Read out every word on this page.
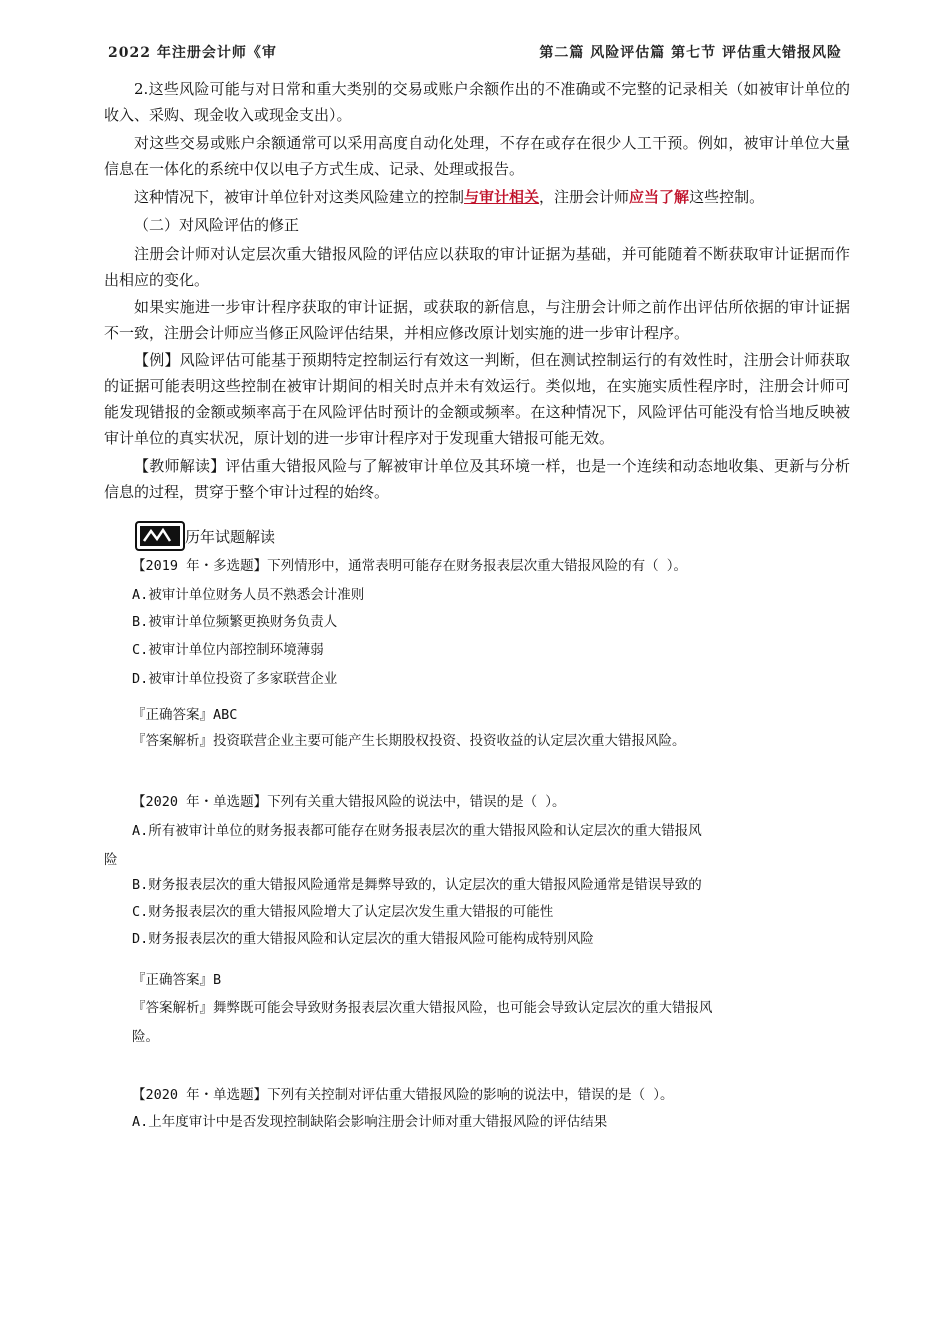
2022 年注册会计师《审	第二篇 风险评估篇 第七节 评估重大错报风险

2.这些风险可能与对日常和重大类别的交易或账户余额作出的不准确或不完整的记录相关（如被审计单位的收入、采购、现金收入或现金支出）。

对这些交易或账户余额通常可以采用高度自动化处理，不存在或存在很少人工干预。例如，被审计单位大量信息在一体化的系统中仅以电子方式生成、记录、处理或报告。

这种情况下，被审计单位针对这类风险建立的控制与审计相关，注册会计师应当了解这些控制。

（二）对风险评估的修正

注册会计师对认定层次重大错报风险的评估应以获取的审计证据为基础，并可能随着不断获取审计证据而作出相应的变化。

如果实施进一步审计程序获取的审计证据，或获取的新信息，与注册会计师之前作出评估所依据的审计证据不一致，注册会计师应当修正风险评估结果，并相应修改原计划实施的进一步审计程序。

【例】风险评估可能基于预期特定控制运行有效这一判断，但在测试控制运行的有效性时，注册会计师获取的证据可能表明这些控制在被审计期间的相关时点并未有效运行。类似地，在实施实质性程序时，注册会计师可能发现错报的金额或频率高于在风险评估时预计的金额或频率。在这种情况下，风险评估可能没有恰当地反映被审计单位的真实状况，原计划的进一步审计程序对于发现重大错报可能无效。

【教师解读】评估重大错报风险与了解被审计单位及其环境一样，也是一个连续和动态地收集、更新与分析信息的过程，贯穿于整个审计过程的始终。

历年试题解读
【2019 年・多选题】下列情形中，通常表明可能存在财务报表层次重大错报风险的有（ ）。
A.被审计单位财务人员不熟悉会计准则
B.被审计单位频繁更换财务负责人
C.被审计单位内部控制环境薄弱
D.被审计单位投资了多家联营企业
『正确答案』ABC
『答案解析』投资联营企业主要可能产生长期股权投资、投资收益的认定层次重大错报风险。
【2020 年・单选题】下列有关重大错报风险的说法中，错误的是（ ）。
A.所有被审计单位的财务报表都可能存在财务报表层次的重大错报风险和认定层次的重大错报风
险
B.财务报表层次的重大错报风险通常是舞弊导致的，认定层次的重大错报风险通常是错误导致的
C.财务报表层次的重大错报风险增大了认定层次发生重大错报的可能性
D.财务报表层次的重大错报风险和认定层次的重大错报风险可能构成特别风险
『正确答案』B
『答案解析』舞弊既可能会导致财务报表层次重大错报风险，也可能会导致认定层次的重大错报风
险。
【2020 年・单选题】下列有关控制对评估重大错报风险的影响的说法中，错误的是（ ）。
A.上年度审计中是否发现控制缺陷会影响注册会计师对重大错报风险的评估结果
